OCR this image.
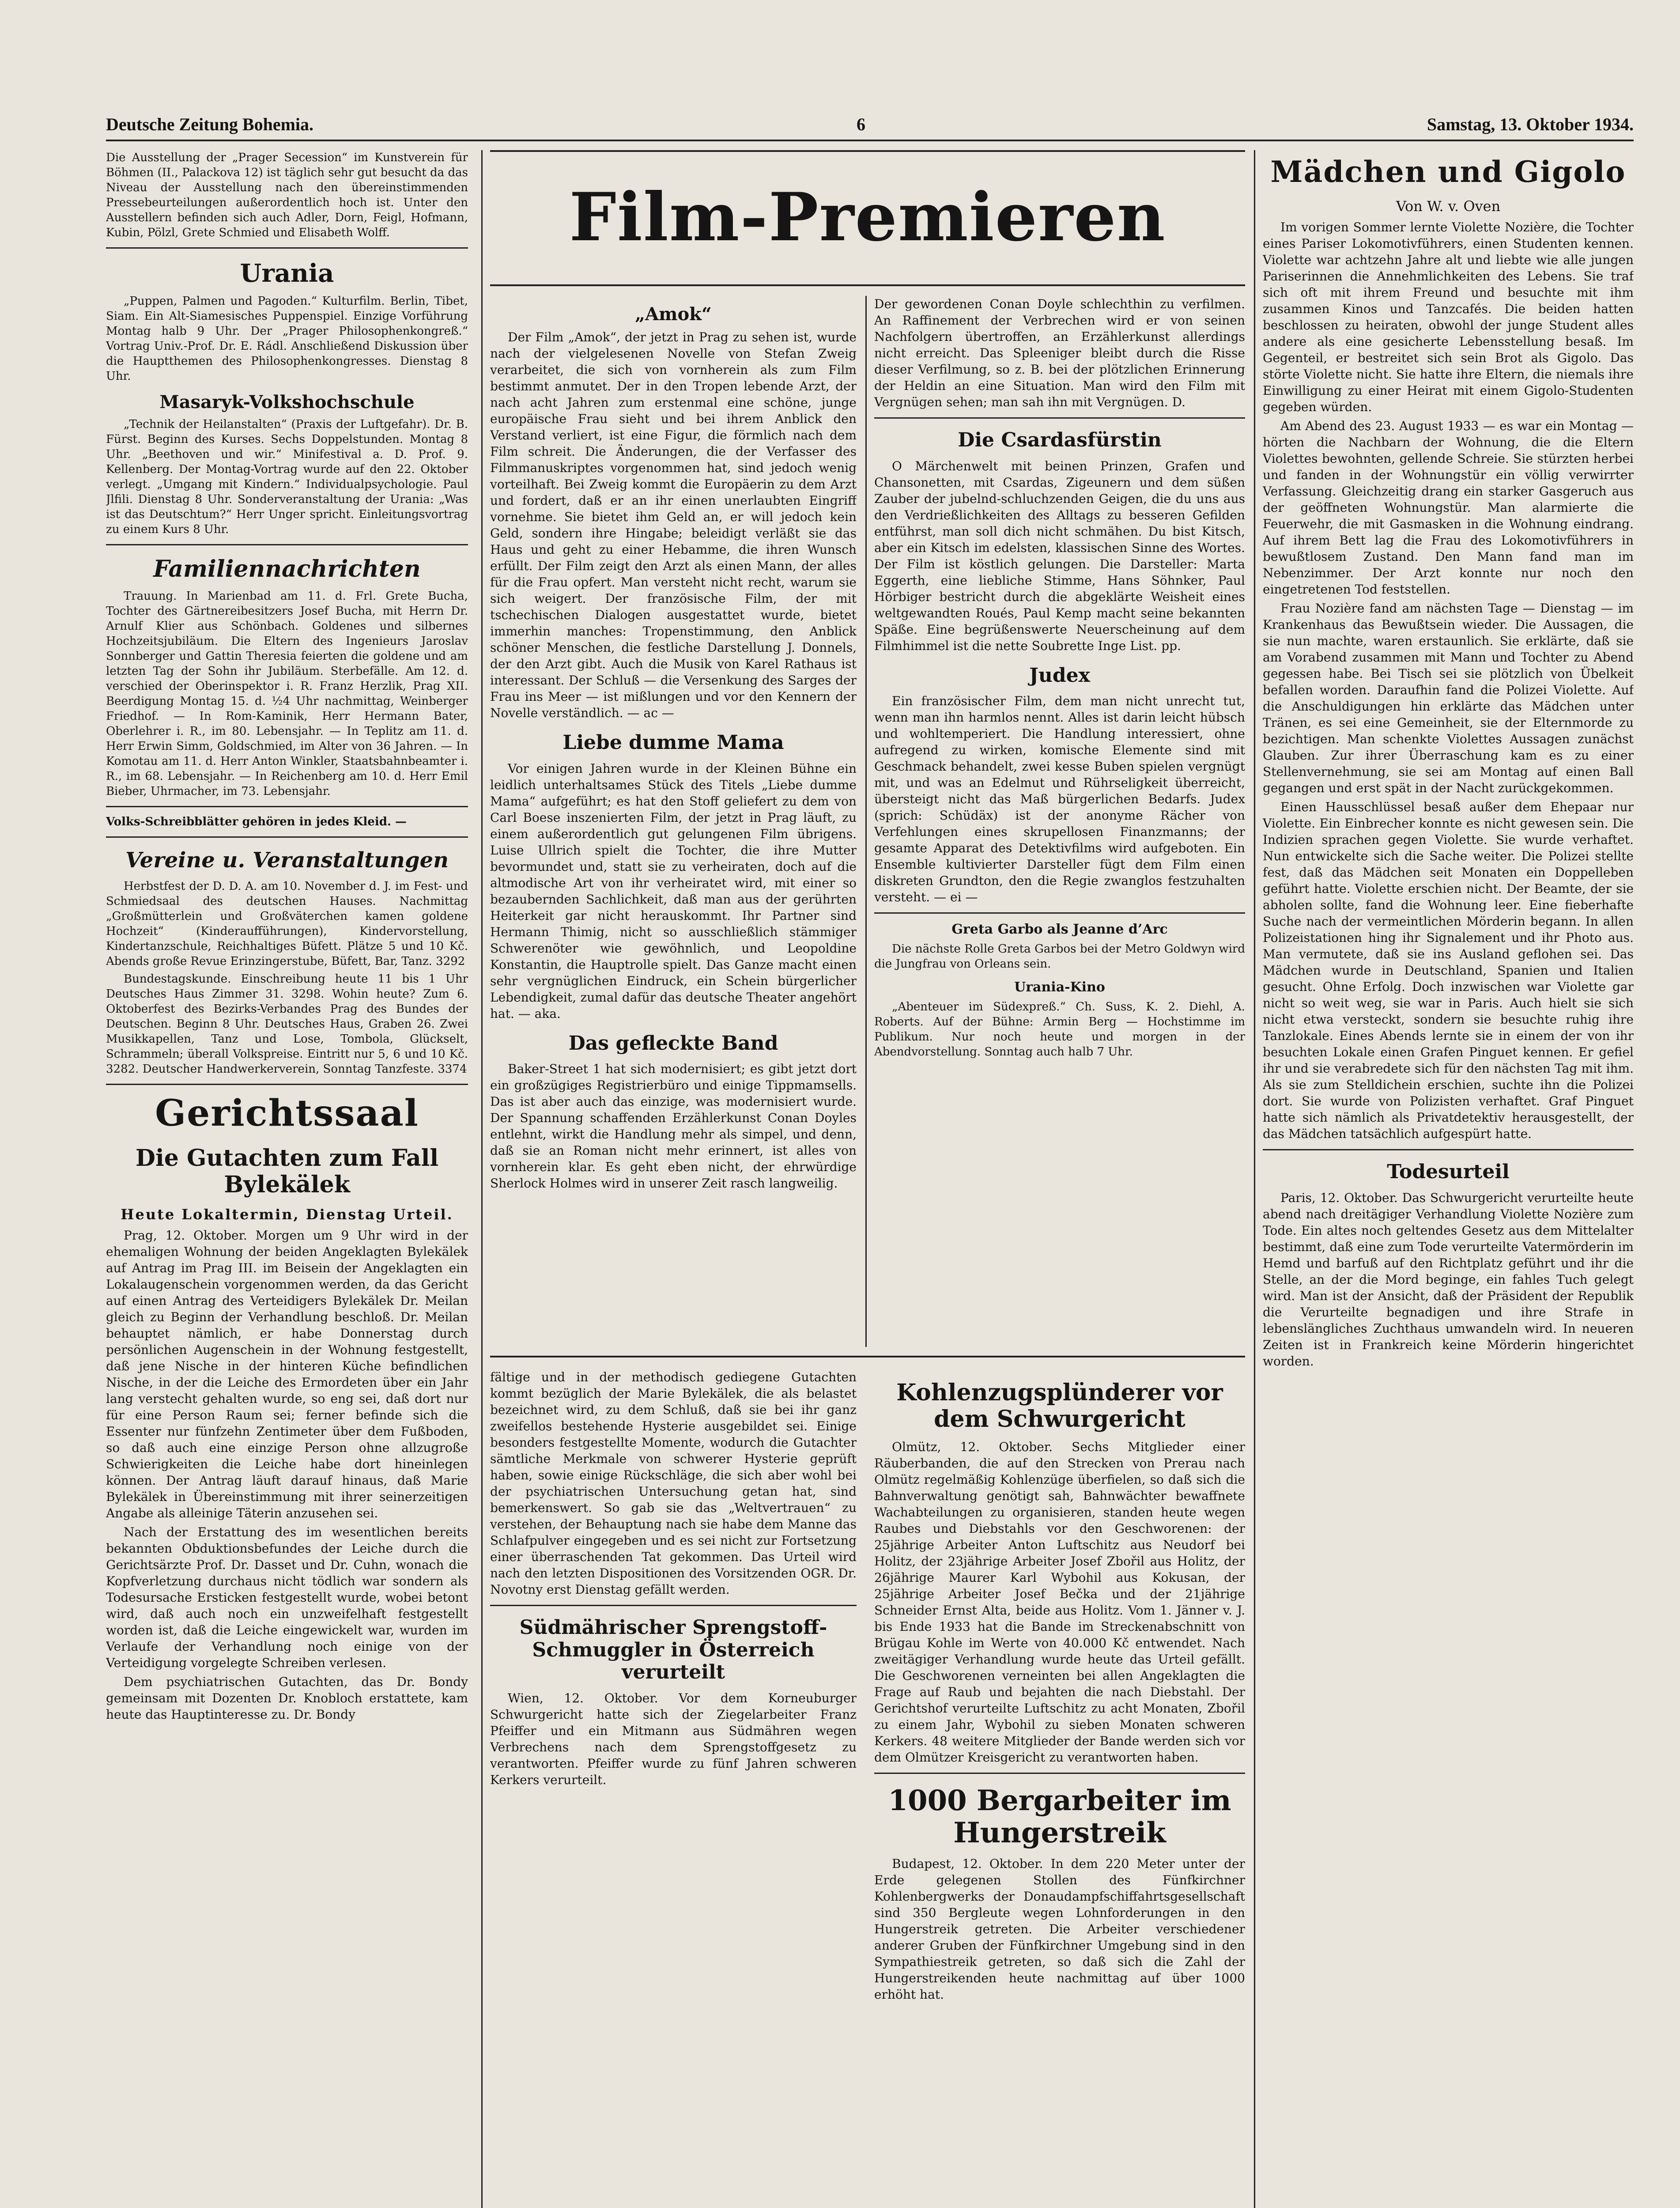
Deutsche Zeitung Bohemia.	6	Samstag, 13. Oktober 1934.

Die Ausstellung der „Prager Secession“ im Kunstverein für Böhmen (II., Palackova 12) ist täglich sehr gut besucht da das Niveau der Ausstellung nach den übereinstimmenden Pressebeurteilungen außerordentlich hoch ist. Unter den Ausstellern befinden sich auch Adler, Dorn, Feigl, Hofmann, Kubin, Pölzl, Grete Schmied und Elisabeth Wolff.

Urania

„Puppen, Palmen und Pagoden.“ Kulturfilm. Berlin, Tibet, Siam. Ein Alt-Siamesisches Puppenspiel. Einzige Vorführung Montag halb 9 Uhr. Der „Prager Philosophenkongreß.“ Vortrag Univ.-Prof. Dr. E. Rádl. Anschließend Diskussion über die Hauptthemen des Philosophenkongresses. Dienstag 8 Uhr.

Masaryk-Volkshochschule

„Technik der Heilanstalten“ (Praxis der Luftgefahr). Dr. B. Fürst. Beginn des Kurses. Sechs Doppelstunden. Montag 8 Uhr. „Beethoven und wir.“ Minifestival a. D. Prof. 9. Kellenberg. Der Montag-Vortrag wurde auf den 22. Oktober verlegt. „Umgang mit Kindern.“ Individualpsychologie. Paul Jlfili. Dienstag 8 Uhr. Sonderveranstaltung der Urania: „Was ist das Deutschtum?“ Herr Unger spricht. Einleitungsvortrag zu einem Kurs 8 Uhr.

Familiennachrichten

Trauung. In Marienbad am 11. d. Frl. Grete Bucha, Tochter des Gärtnereibesitzers Josef Bucha, mit Herrn Dr. Arnulf Klier aus Schönbach. Goldenes und silbernes Hochzeitsjubiläum. Die Eltern des Ingenieurs Jaroslav Sonnberger und Gattin Theresia feierten die goldene und am letzten Tag der Sohn ihr Jubiläum. Sterbefälle. Am 12. d. verschied der Oberinspektor i. R. Franz Herzlik, Prag XII. Beerdigung Montag 15. d. ½4 Uhr nachmittag, Weinberger Friedhof. — In Rom-Kaminik, Herr Hermann Bater, Oberlehrer i. R., im 80. Lebensjahr. — In Teplitz am 11. d. Herr Erwin Simm, Goldschmied, im Alter von 36 Jahren. — In Komotau am 11. d. Herr Anton Winkler, Staatsbahnbeamter i. R., im 68. Lebensjahr. — In Reichenberg am 10. d. Herr Emil Bieber, Uhrmacher, im 73. Lebensjahr.

Volks-Schreibblätter gehören in jedes Kleid. —

Vereine u. Veranstaltungen

Herbstfest der D. D. A. am 10. November d. J. im Fest- und Schmiedsaal des deutschen Hauses. Nachmittag „Großmütterlein und Großväterchen kamen goldene Hochzeit“ (Kinderaufführungen), Kindervorstellung, Kindertanzschule, Reichhaltiges Büfett. Plätze 5 und 10 Kč. Abends große Revue Erinzingerstube, Büfett, Bar, Tanz. 3292

Bundestagskunde. Einschreibung heute 11 bis 1 Uhr Deutsches Haus Zimmer 31. 3298. Wohin heute? Zum 6. Oktoberfest des Bezirks-Verbandes Prag des Bundes der Deutschen. Beginn 8 Uhr. Deutsches Haus, Graben 26. Zwei Musikkapellen, Tanz und Lose, Tombola, Glückselt, Schrammeln; überall Volkspreise. Eintritt nur 5, 6 und 10 Kč. 3282. Deutscher Handwerkerverein, Sonntag Tanzfeste. 3374

Gerichtssaal
Die Gutachten zum Fall Bylekälek
Heute Lokaltermin, Dienstag Urteil.

Prag, 12. Oktober. Morgen um 9 Uhr wird in der ehemaligen Wohnung der beiden Angeklagten Bylekälek auf Antrag im Prag III. im Beisein der Angeklagten ein Lokalaugenschein vorgenommen werden, da das Gericht auf einen Antrag des Verteidigers Bylekälek Dr. Meilan gleich zu Beginn der Verhandlung beschloß. Dr. Meilan behauptet nämlich, er habe Donnerstag durch persönlichen Augenschein in der Wohnung festgestellt, daß jene Nische in der hinteren Küche befindlichen Nische, in der die Leiche des Ermordeten über ein Jahr lang verstecht gehalten wurde, so eng sei, daß dort nur für eine Person Raum sei; ferner befinde sich die Essenter nur fünfzehn Zentimeter über dem Fußboden, so daß auch eine einzige Person ohne allzugroße Schwierigkeiten die Leiche habe dort hineinlegen können. Der Antrag läuft darauf hinaus, daß Marie Bylekälek in Übereinstimmung mit ihrer seinerzeitigen Angabe als alleinige Täterin anzusehen sei.

Nach der Erstattung des im wesentlichen bereits bekannten Obduktionsbefundes der Leiche durch die Gerichtsärzte Prof. Dr. Dasset und Dr. Cuhn, wonach die Kopfverletzung durchaus nicht tödlich war sondern als Todesursache Ersticken festgestellt wurde, wobei betont wird, daß auch noch ein unzweifelhaft festgestellt worden ist, daß die Leiche eingewickelt war, wurden im Verlaufe der Verhandlung noch einige von der Verteidigung vorgelegte Schreiben verlesen.

Dem psychiatrischen Gutachten, das Dr. Bondy gemeinsam mit Dozenten Dr. Knobloch erstattete, kam heute das Hauptinteresse zu. Dr. Bondy

Film-Premieren
„Amok“

Der Film „Amok“, der jetzt in Prag zu sehen ist, wurde nach der vielgelesenen Novelle von Stefan Zweig verarbeitet, die sich von vornherein als zum Film bestimmt anmutet. Der in den Tropen lebende Arzt, der nach acht Jahren zum erstenmal eine schöne, junge europäische Frau sieht und bei ihrem Anblick den Verstand verliert, ist eine Figur, die förmlich nach dem Film schreit. Die Änderungen, die der Verfasser des Filmmanuskriptes vorgenommen hat, sind jedoch wenig vorteilhaft. Bei Zweig kommt die Europäerin zu dem Arzt und fordert, daß er an ihr einen unerlaubten Eingriff vornehme. Sie bietet ihm Geld an, er will jedoch kein Geld, sondern ihre Hingabe; beleidigt verläßt sie das Haus und geht zu einer Hebamme, die ihren Wunsch erfüllt. Der Film zeigt den Arzt als einen Mann, der alles für die Frau opfert. Man versteht nicht recht, warum sie sich weigert. Der französische Film, der mit tschechischen Dialogen ausgestattet wurde, bietet immerhin manches: Tropenstimmung, den Anblick schöner Menschen, die festliche Darstellung J. Donnels, der den Arzt gibt. Auch die Musik von Karel Rathaus ist interessant. Der Schluß — die Versenkung des Sarges der Frau ins Meer — ist mißlungen und vor den Kennern der Novelle verständlich. — ac —

Liebe dumme Mama

Vor einigen Jahren wurde in der Kleinen Bühne ein leidlich unterhaltsames Stück des Titels „Liebe dumme Mama“ aufgeführt; es hat den Stoff geliefert zu dem von Carl Boese inszenierten Film, der jetzt in Prag läuft, zu einem außerordentlich gut gelungenen Film übrigens. Luise Ullrich spielt die Tochter, die ihre Mutter bevormundet und, statt sie zu verheiraten, doch auf die altmodische Art von ihr verheiratet wird, mit einer so bezaubernden Sachlichkeit, daß man aus der gerührten Heiterkeit gar nicht herauskommt. Ihr Partner sind Hermann Thimig, nicht so ausschließlich stämmiger Schwerenöter wie gewöhnlich, und Leopoldine Konstantin, die Hauptrolle spielt. Das Ganze macht einen sehr vergnüglichen Eindruck, ein Schein bürgerlicher Lebendigkeit, zumal dafür das deutsche Theater angehört hat. — aka.

Das gefleckte Band

Baker-Street 1 hat sich modernisiert; es gibt jetzt dort ein großzügiges Registrierbüro und einige Tippmamsells. Das ist aber auch das einzige, was modernisiert wurde. Der Spannung schaffenden Erzählerkunst Conan Doyles entlehnt, wirkt die Handlung mehr als simpel, und denn, daß sie an Roman nicht mehr erinnert, ist alles von vornherein klar. Es geht eben nicht, der ehrwürdige Sherlock Holmes wird in unserer Zeit rasch langweilig.

Der gewordenen Conan Doyle schlechthin zu verfilmen. An Raffinement der Verbrechen wird er von seinen Nachfolgern übertroffen, an Erzählerkunst allerdings nicht erreicht. Das Spleeniger bleibt durch die Risse dieser Verfilmung, so z. B. bei der plötzlichen Erinnerung der Heldin an eine Situation. Man wird den Film mit Vergnügen sehen; man sah ihn mit Vergnügen. D.

Die Csardasfürstin

O Märchenwelt mit beinen Prinzen, Grafen und Chansonetten, mit Csardas, Zigeunern und dem süßen Zauber der jubelnd-schluchzenden Geigen, die du uns aus den Verdrießlichkeiten des Alltags zu besseren Gefilden entführst, man soll dich nicht schmähen. Du bist Kitsch, aber ein Kitsch im edelsten, klassischen Sinne des Wortes. Der Film ist köstlich gelungen. Die Darsteller: Marta Eggerth, eine liebliche Stimme, Hans Söhnker, Paul Hörbiger bestricht durch die abgeklärte Weisheit eines weltgewandten Roués, Paul Kemp macht seine bekannten Späße. Eine begrüßenswerte Neuerscheinung auf dem Filmhimmel ist die nette Soubrette Inge List. pp.

Judex

Ein französischer Film, dem man nicht unrecht tut, wenn man ihn harmlos nennt. Alles ist darin leicht hübsch und wohltemperiert. Die Handlung interessiert, ohne aufregend zu wirken, komische Elemente sind mit Geschmack behandelt, zwei kesse Buben spielen vergnügt mit, und was an Edelmut und Rührseligkeit überreicht, übersteigt nicht das Maß bürgerlichen Bedarfs. Judex (sprich: Schüdäx) ist der anonyme Rächer von Verfehlungen eines skrupellosen Finanzmanns; der gesamte Apparat des Detektivfilms wird aufgeboten. Ein Ensemble kultivierter Darsteller fügt dem Film einen diskreten Grundton, den die Regie zwanglos festzuhalten versteht. — ei —

Greta Garbo als Jeanne d’Arc

Die nächste Rolle Greta Garbos bei der Metro Goldwyn wird die Jungfrau von Orleans sein.

Urania-Kino

„Abenteuer im Südexpreß.“ Ch. Suss, K. 2. Diehl, A. Roberts. Auf der Bühne: Armin Berg — Hochstimme im Publikum. Nur noch heute und morgen in der Abendvorstellung. Sonntag auch halb 7 Uhr.

fältige und in der methodisch gediegene Gutachten kommt bezüglich der Marie Bylekälek, die als belastet bezeichnet wird, zu dem Schluß, daß sie bei ihr ganz zweifellos bestehende Hysterie ausgebildet sei. Einige besonders festgestellte Momente, wodurch die Gutachter sämtliche Merkmale von schwerer Hysterie geprüft haben, sowie einige Rückschläge, die sich aber wohl bei der psychiatrischen Untersuchung getan hat, sind bemerkenswert. So gab sie das „Weltvertrauen“ zu verstehen, der Behauptung nach sie habe dem Manne das Schlafpulver eingegeben und es sei nicht zur Fortsetzung einer überraschenden Tat gekommen. Das Urteil wird nach den letzten Dispositionen des Vorsitzenden OGR. Dr. Novotny erst Dienstag gefällt werden.

Südmährischer Sprengstoff-Schmuggler in Österreich verurteilt

Wien, 12. Oktober. Vor dem Korneuburger Schwurgericht hatte sich der Ziegelarbeiter Franz Pfeiffer und ein Mitmann aus Südmähren wegen Verbrechens nach dem Sprengstoffgesetz zu verantworten. Pfeiffer wurde zu fünf Jahren schweren Kerkers verurteilt.

Kohlenzugsplünderer vor dem Schwurgericht

Olmütz, 12. Oktober. Sechs Mitglieder einer Räuberbanden, die auf den Strecken von Prerau nach Olmütz regelmäßig Kohlenzüge überfielen, so daß sich die Bahnverwaltung genötigt sah, Bahnwächter bewaffnete Wachabteilungen zu organisieren, standen heute wegen Raubes und Diebstahls vor den Geschworenen: der 25jährige Arbeiter Anton Luftschitz aus Neudorf bei Holitz, der 23jährige Arbeiter Josef Zbořil aus Holitz, der 26jährige Maurer Karl Wybohil aus Kokusan, der 25jährige Arbeiter Josef Bečka und der 21jährige Schneider Ernst Alta, beide aus Holitz. Vom 1. Jänner v. J. bis Ende 1933 hat die Bande im Streckenabschnitt von Brügau Kohle im Werte von 40.000 Kč entwendet. Nach zweitägiger Verhandlung wurde heute das Urteil gefällt. Die Geschworenen verneinten bei allen Angeklagten die Frage auf Raub und bejahten die nach Diebstahl. Der Gerichtshof verurteilte Luftschitz zu acht Monaten, Zbořil zu einem Jahr, Wybohil zu sieben Monaten schweren Kerkers. 48 weitere Mitglieder der Bande werden sich vor dem Olmützer Kreisgericht zu verantworten haben.

1000 Bergarbeiter im Hungerstreik

Budapest, 12. Oktober. In dem 220 Meter unter der Erde gelegenen Stollen des Fünfkirchner Kohlenbergwerks der Donaudampfschiffahrtsgesellschaft sind 350 Bergleute wegen Lohnforderungen in den Hungerstreik getreten. Die Arbeiter verschiedener anderer Gruben der Fünfkirchner Umgebung sind in den Sympathiestreik getreten, so daß sich die Zahl der Hungerstreikenden heute nachmittag auf über 1000 erhöht hat.

Mädchen und Gigolo
Von W. v. Oven

Im vorigen Sommer lernte Violette Nozière, die Tochter eines Pariser Lokomotivführers, einen Studenten kennen. Violette war achtzehn Jahre alt und liebte wie alle jungen Pariserinnen die Annehmlichkeiten des Lebens. Sie traf sich oft mit ihrem Freund und besuchte mit ihm zusammen Kinos und Tanzcafés. Die beiden hatten beschlossen zu heiraten, obwohl der junge Student alles andere als eine gesicherte Lebensstellung besaß. Im Gegenteil, er bestreitet sich sein Brot als Gigolo. Das störte Violette nicht. Sie hatte ihre Eltern, die niemals ihre Einwilligung zu einer Heirat mit einem Gigolo-Studenten gegeben würden.

Am Abend des 23. August 1933 — es war ein Montag — hörten die Nachbarn der Wohnung, die die Eltern Violettes bewohnten, gellende Schreie. Sie stürzten herbei und fanden in der Wohnungstür ein völlig verwirrter Verfassung. Gleichzeitig drang ein starker Gasgeruch aus der geöffneten Wohnungstür. Man alarmierte die Feuerwehr, die mit Gasmasken in die Wohnung eindrang. Auf ihrem Bett lag die Frau des Lokomotivführers in bewußtlosem Zustand. Den Mann fand man im Nebenzimmer. Der Arzt konnte nur noch den eingetretenen Tod feststellen.

Frau Nozière fand am nächsten Tage — Dienstag — im Krankenhaus das Bewußtsein wieder. Die Aussagen, die sie nun machte, waren erstaunlich. Sie erklärte, daß sie am Vorabend zusammen mit Mann und Tochter zu Abend gegessen habe. Bei Tisch sei sie plötzlich von Übelkeit befallen worden. Daraufhin fand die Polizei Violette. Auf die Anschuldigungen hin erklärte das Mädchen unter Tränen, es sei eine Gemeinheit, sie der Elternmorde zu bezichtigen. Man schenkte Violettes Aussagen zunächst Glauben. Zur ihrer Überraschung kam es zu einer Stellenvernehmung, sie sei am Montag auf einen Ball gegangen und erst spät in der Nacht zurückgekommen.

Einen Hausschlüssel besaß außer dem Ehepaar nur Violette. Ein Einbrecher konnte es nicht gewesen sein. Die Indizien sprachen gegen Violette. Sie wurde verhaftet. Nun entwickelte sich die Sache weiter. Die Polizei stellte fest, daß das Mädchen seit Monaten ein Doppelleben geführt hatte. Violette erschien nicht. Der Beamte, der sie abholen sollte, fand die Wohnung leer. Eine fieberhafte Suche nach der vermeintlichen Mörderin begann. In allen Polizeistationen hing ihr Signalement und ihr Photo aus. Man vermutete, daß sie ins Ausland geflohen sei. Das Mädchen wurde in Deutschland, Spanien und Italien gesucht. Ohne Erfolg. Doch inzwischen war Violette gar nicht so weit weg, sie war in Paris. Auch hielt sie sich nicht etwa versteckt, sondern sie besuchte ruhig ihre Tanzlokale. Eines Abends lernte sie in einem der von ihr besuchten Lokale einen Grafen Pinguet kennen. Er gefiel ihr und sie verabredete sich für den nächsten Tag mit ihm. Als sie zum Stelldichein erschien, suchte ihn die Polizei dort. Sie wurde von Polizisten verhaftet. Graf Pinguet hatte sich nämlich als Privatdetektiv herausgestellt, der das Mädchen tatsächlich aufgespürt hatte.

Todesurteil

Paris, 12. Oktober. Das Schwurgericht verurteilte heute abend nach dreitägiger Verhandlung Violette Nozière zum Tode. Ein altes noch geltendes Gesetz aus dem Mittelalter bestimmt, daß eine zum Tode verurteilte Vatermörderin im Hemd und barfuß auf den Richtplatz geführt und ihr die Stelle, an der die Mord beginge, ein fahles Tuch gelegt wird. Man ist der Ansicht, daß der Präsident der Republik die Verurteilte begnadigen und ihre Strafe in lebenslängliches Zuchthaus umwandeln wird. In neueren Zeiten ist in Frankreich keine Mörderin hingerichtet worden.
